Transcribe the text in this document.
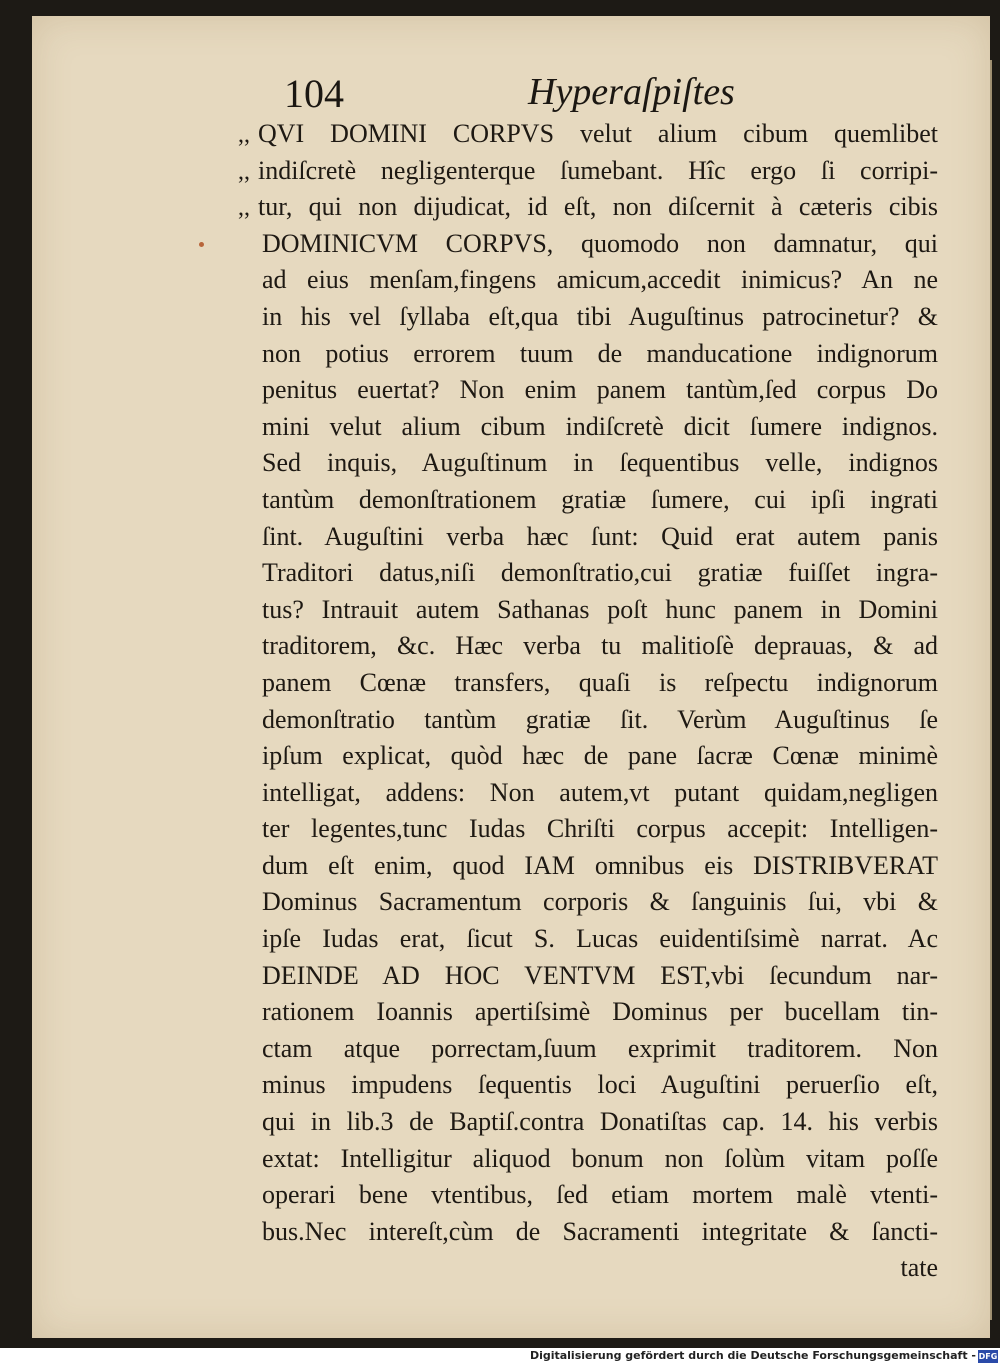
104	Hyperaſpiſtes
,, QVI DOMINI CORPVS velut alium cibum quemlibet
,, indiſcretè negligenterque ſumebant. Hîc ergo ſi corripi-
,, tur, qui non dijudicat, id eſt, non diſcernit à cæteris cibis
DOMINICVM CORPVS, quomodo non damnatur, qui
ad eius menſam,fingens amicum,accedit inimicus? An ne
in his vel ſyllaba eſt,qua tibi Auguſtinus patrocinetur? &
non potius errorem tuum de manducatione indignorum
penitus euertat? Non enim panem tantùm,ſed corpus Do
mini velut alium cibum indiſcretè dicit ſumere indignos.
Sed inquis, Auguſtinum in ſequentibus velle, indignos
tantùm demonſtrationem gratiæ ſumere, cui ipſi ingrati
ſint. Auguſtini verba hæc ſunt: Quid erat autem panis
Traditori datus,niſi demonſtratio,cui gratiæ fuiſſet ingra-
tus? Intrauit autem Sathanas poſt hunc panem in Domini
traditorem, &c. Hæc verba tu malitioſè deprauas, & ad
panem Cœnæ transfers, quaſi is reſpectu indignorum
demonſtratio tantùm gratiæ ſit. Verùm Auguſtinus ſe
ipſum explicat, quòd hæc de pane ſacræ Cœnæ minimè
intelligat, addens: Non autem,vt putant quidam,negligen
ter legentes,tunc Iudas Chriſti corpus accepit: Intelligen-
dum eſt enim, quod IAM omnibus eis DISTRIBVERAT
Dominus Sacramentum corporis & ſanguinis ſui, vbi &
ipſe Iudas erat, ſicut S. Lucas euidentiſsimè narrat. Ac
DEINDE AD HOC VENTVM EST,vbi ſecundum nar-
rationem Ioannis apertiſsimè Dominus per bucellam tin-
ctam atque porrectam,ſuum exprimit traditorem. Non
minus impudens ſequentis loci Auguſtini peruerſio eſt,
qui in lib.3 de Baptiſ.contra Donatiſtas cap. 14. his verbis
extat: Intelligitur aliquod bonum non ſolùm vitam poſſe
operari bene vtentibus, ſed etiam mortem malè vtenti-
bus.Nec intereſt,cùm de Sacramenti integritate & ſancti-
tate
Digitalisierung gefördert durch die Deutsche Forschungsgemeinschaft - DFG
